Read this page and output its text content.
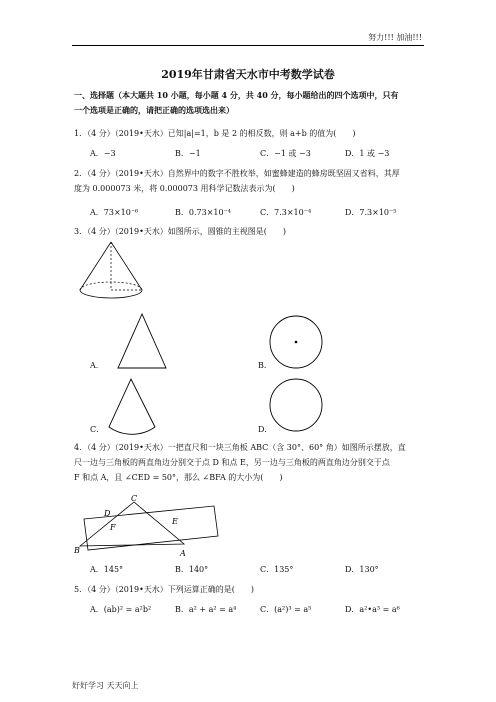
努力!!! 加油!!!
2019年甘肃省天水市中考数学试卷
一、选择题（本大题共 10 小题，每小题 4 分，共 40 分，每小题给出的四个选项中，只有
一个选项是正确的，请把正确的选项选出来）
1．（4 分）（2019•天水）已知|a|=1，b 是 2 的相反数，则 a+b 的值为(　　)
A．−3	B．−1	C．−1 或 −3	D．1 或 −3
2．（4 分）（2019•天水）自然界中的数字不胜枚举，如蜜蜂建造的蜂房既坚固又省料，其厚
度为 0.000073 米，将 0.000073 用科学记数法表示为(　　)
A．73×10⁻⁶	B．0.73×10⁻⁴	C．7.3×10⁻⁴	D．7.3×10⁻⁵
3．（4 分）（2019•天水）如图所示，圆锥的主视图是(　　)
A．	B．
C．	D．
4．（4 分）（2019•天水）一把直尺和一块三角板 ABC（含 30°、60° 角）如图所示摆放，直
尺一边与三角板的两直角边分别交于点 D 和点 E，另一边与三角板的两直角边分别交于点
F 和点 A，且 ∠CED = 50°，那么 ∠BFA 的大小为(　　)
C
D
E
F
B	A
A．145°	B．140°	C．135°	D．130°
5．（4 分）（2019•天水）下列运算正确的是(　　)
A．(ab)² = a²b²	B．a² + a² = a⁴	C．(a²)³ = a⁵	D．a²•a³ = a⁶
好好学习 天天向上
